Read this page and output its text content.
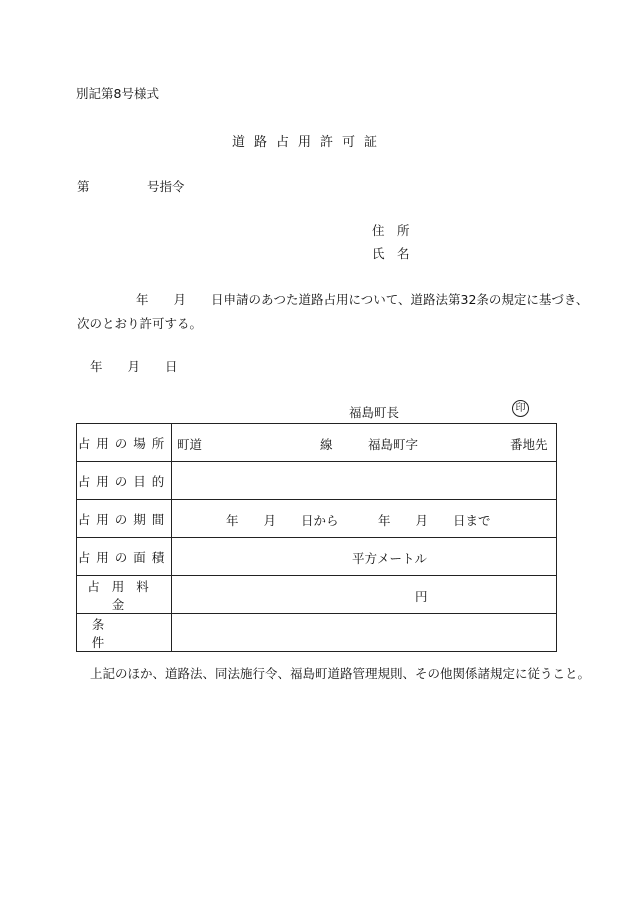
別記第8号様式
道路占用許可証
第	号指令
住　所
氏　名
年　　月　　日申請のあつた道路占用について、道路法第32条の規定に基づき、
次のとおり許可する。
年　　月　　日
福島町長	印
占用の場所	町道 線 福島町字 番地先

占用の目的	
占用の期間	年　　月　　日から 年　　月　　日まで

占用の面積	平方メートル

占用料金	円

条件	
上記のほか、道路法、同法施行令、福島町道路管理規則、その他関係諸規定に従うこと。
